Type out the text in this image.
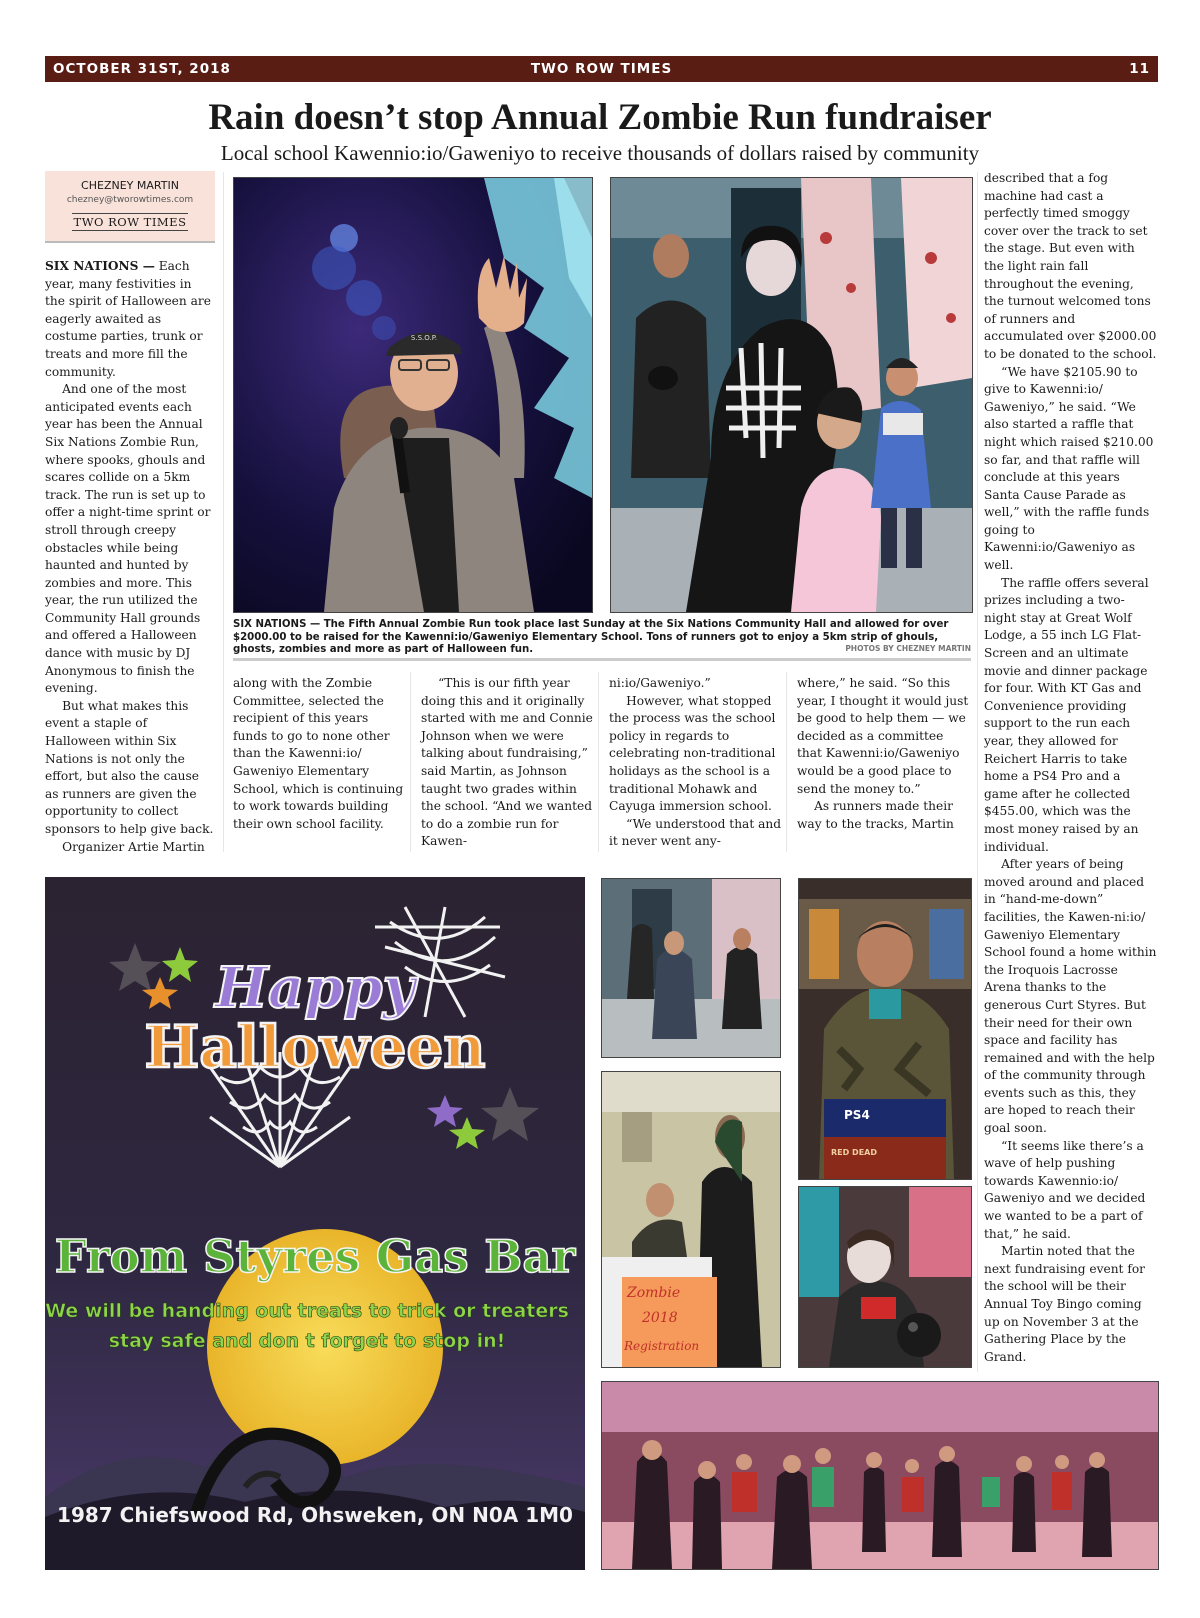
OCTOBER 31ST, 2018	TWO ROW TIMES	11
Rain doesn’t stop Annual Zombie Run fundraiser
Local school Kawennio:io/Gaweniyo to receive thousands of dollars raised by community
CHEZNEY MARTIN
chezney@tworowtimes.com
TWO ROW TIMES

SIX NATIONS — Each year, many festivities in the spirit of Halloween are eagerly awaited as costume parties, trunk or treats and more fill the community.

And one of the most anticipated events each year has been the Annual Six Nations Zombie Run, where spooks, ghouls and scares collide on a 5km track. The run is set up to offer a night-time sprint or stroll through creepy obstacles while being haunted and hunted by zombies and more. This year, the run utilized the Community Hall grounds and offered a Halloween dance with music by DJ Anonymous to finish the evening.

But what makes this event a staple of Halloween within Six Nations is not only the effort, but also the cause as runners are given the opportunity to collect sponsors to help give back.

Organizer Artie Martin

S.S.O.P.
SIX NATIONS — The Fifth Annual Zombie Run took place last Sunday at the Six Nations Community Hall and allowed for over $2000.00 to be raised for the Kawenni:io/Gaweniyo Elementary School. Tons of runners got to enjoy a 5km strip of ghouls, ghosts, zombies and more as part of Halloween fun.	PHOTOS BY CHEZNEY MARTIN

along with the Zombie Committee, selected the recipient of this years funds to go to none other than the Kawenni:io/ Gaweniyo Elementary School, which is continuing to work towards building their own school facility.

“This is our fifth year doing this and it originally started with me and Connie Johnson when we were talking about fundraising,” said Martin, as Johnson taught two grades within the school. “And we wanted to do a zombie run for Kawen-

ni:io/Gaweniyo.”

However, what stopped the process was the school policy in regards to celebrating non-traditional holidays as the school is a traditional Mohawk and Cayuga immersion school.

“We understood that and it never went any-

where,” he said. “So this year, I thought it would just be good to help them — we decided as a committee that Kawenni:io/Gaweniyo would be a good place to send the money to.”

As runners made their way to the tracks, Martin

described that a fog machine had cast a perfectly timed smoggy cover over the track to set the stage. But even with the light rain fall throughout the evening, the turnout welcomed tons of runners and accumulated over $2000.00 to be donated to the school.

“We have $2105.90 to give to Kawenni:io/ Gaweniyo,” he said. “We also started a raffle that night which raised $210.00 so far, and that raffle will conclude at this years Santa Cause Parade as well,” with the raffle funds going to Kawenni:io/Gaweniyo as well.

The raffle offers several prizes including a two-night stay at Great Wolf Lodge, a 55 inch LG Flat-Screen and an ultimate movie and dinner package for four. With KT Gas and Convenience providing support to the run each year, they allowed for Reichert Harris to take home a PS4 Pro and a game after he collected $455.00, which was the most money raised by an individual.

After years of being moved around and placed in “hand-me-down” facilities, the Kawen-ni:io/ Gaweniyo Elementary School found a home within the Iroquois Lacrosse Arena thanks to the generous Curt Styres. But their need for their own space and facility has remained and with the help of the community through events such as this, they are hoped to reach their goal soon.

“It seems like there’s a wave of help pushing towards Kawennio:io/ Gaweniyo and we decided we wanted to be a part of that,” he said.

Martin noted that the next fundraising event for the school will be their Annual Toy Bingo coming up on November 3 at the Gathering Place by the Grand.

Happy
Halloween
From Styres Gas Bar
We will be handing out treats to trick or treaters
stay safe and don t forget to stop in!
1987 Chiefswood Rd, Ohsweken, ON N0A 1M0
PS4
RED DEAD
Zombie
2018
Registration
